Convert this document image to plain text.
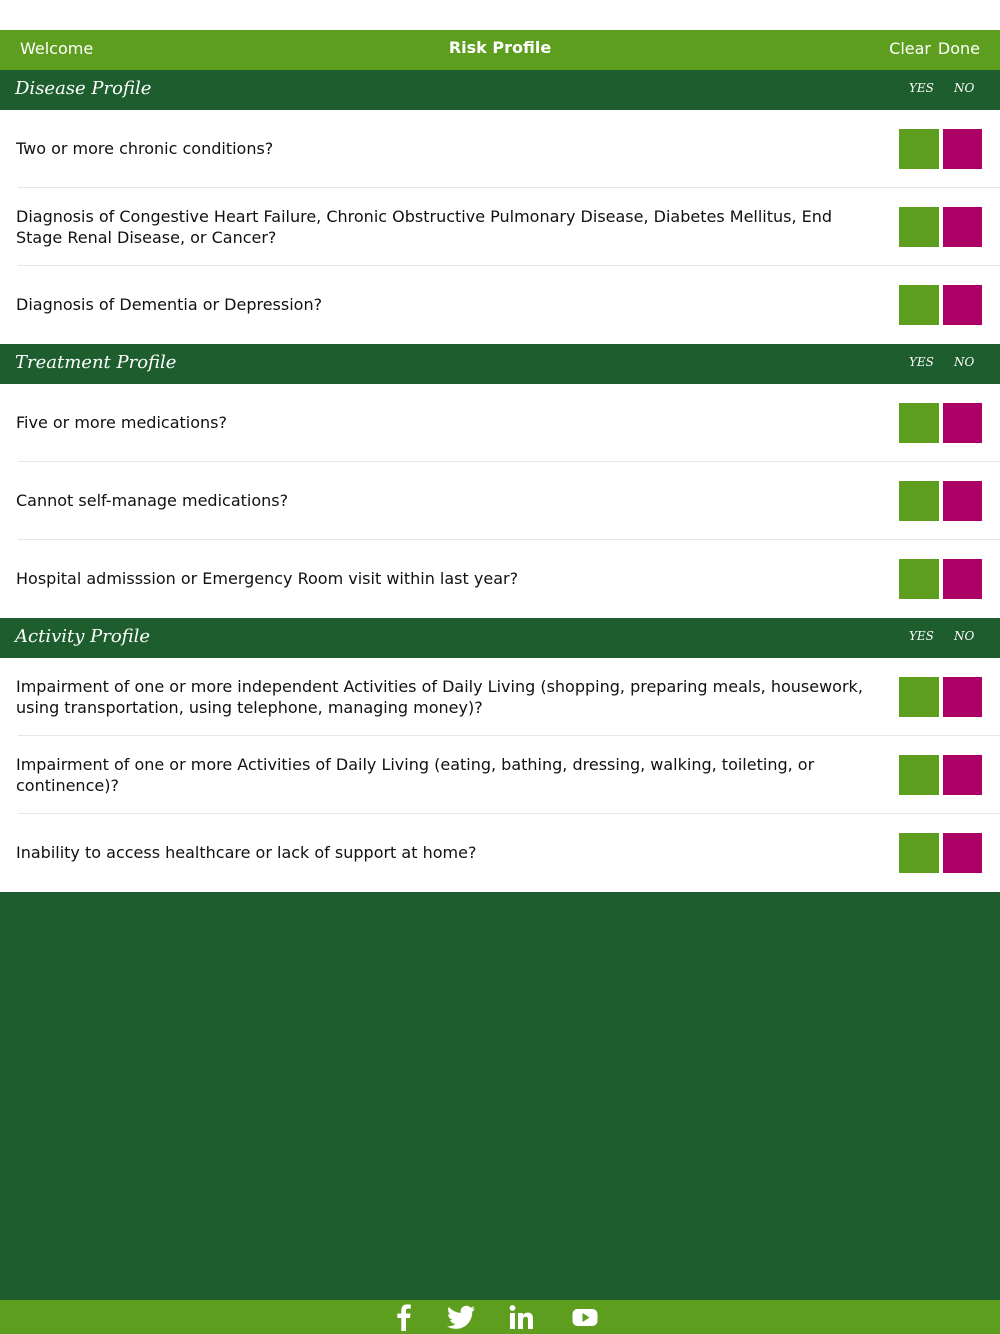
Welcome	Risk Profile	Clear Done
Disease Profile	YES NO
Two or more chronic conditions?
Diagnosis of Congestive Heart Failure, Chronic Obstructive Pulmonary Disease, Diabetes Mellitus, End Stage Renal Disease, or Cancer?
Diagnosis of Dementia or Depression?
Treatment Profile	YES NO
Five or more medications?
Cannot self-manage medications?
Hospital admisssion or Emergency Room visit within last year?
Activity Profile	YES NO
Impairment of one or more independent Activities of Daily Living (shopping, preparing meals, housework, using transportation, using telephone, managing money)?
Impairment of one or more Activities of Daily Living (eating, bathing, dressing, walking, toileting, or continence)?
Inability to access healthcare or lack of support at home?
